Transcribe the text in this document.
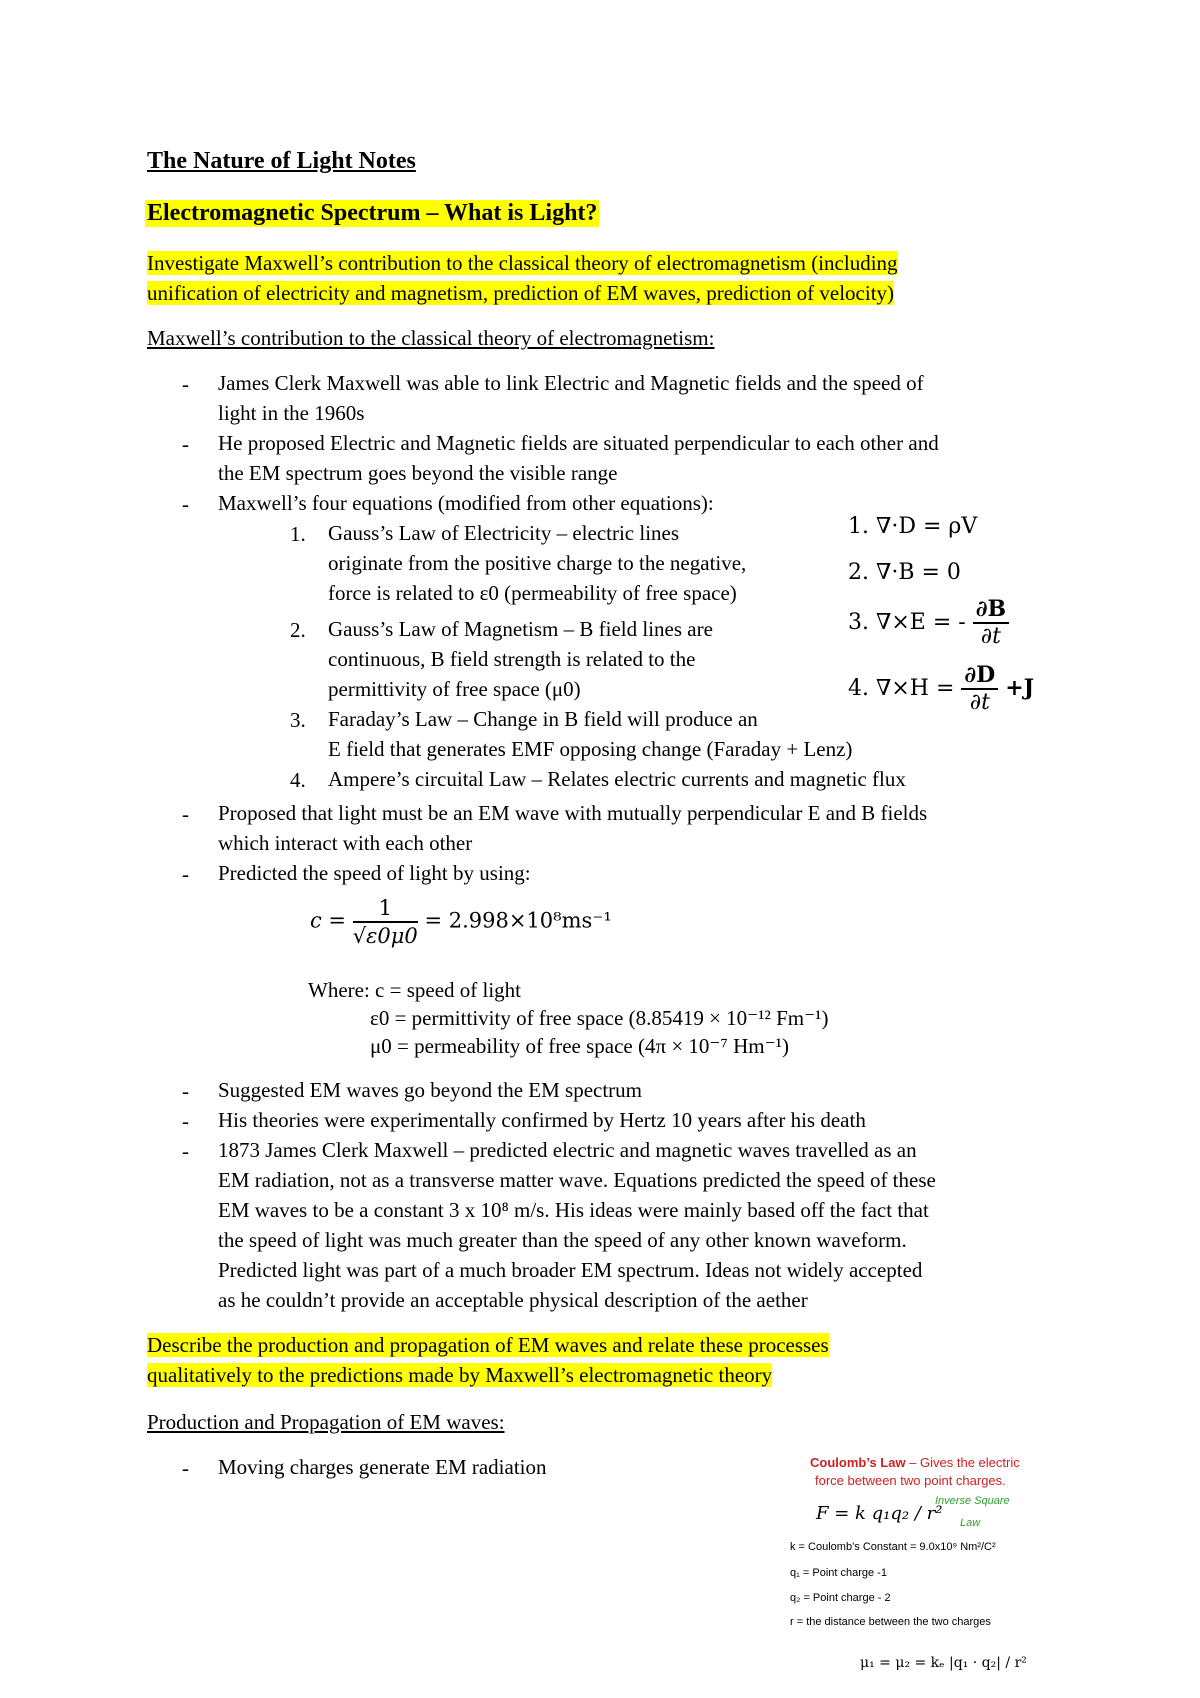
The Nature of Light Notes
Electromagnetic Spectrum – What is Light?
Investigate Maxwell’s contribution to the classical theory of electromagnetism (including
unification of electricity and magnetism, prediction of EM waves, prediction of velocity)
Maxwell’s contribution to the classical theory of electromagnetism:
- James Clerk Maxwell was able to link Electric and Magnetic fields and the speed of
light in the 1960s
- He proposed Electric and Magnetic fields are situated perpendicular to each other and
the EM spectrum goes beyond the visible range
- Maxwell’s four equations (modified from other equations):
1. Gauss’s Law of Electricity – electric lines
originate from the positive charge to the negative,
force is related to ε0 (permeability of free space)
2. Gauss’s Law of Magnetism – B field lines are
continuous, B field strength is related to the
permittivity of free space (μ0)
3. Faraday’s Law – Change in B field will produce an
E field that generates EMF opposing change (Faraday + Lenz)
4. Ampere’s circuital Law – Relates electric currents and magnetic flux
- Proposed that light must be an EM wave with mutually perpendicular E and B fields
which interact with each other
- Predicted the speed of light by using:
1. ∇·D = ρV
2. ∇·B = 0
3. ∇×E = - $\frac{\partial B}{\partial t}$
4. $\nabla\times H = \frac{\partial D}{\partial t} +J$
$c = \frac{1}{√\varepsilon 0\mu 0} = 2.998\times 10^8ms^{-1}$
Where: c = speed of light
ε0 = permittivity of free space (8.85419 × 10⁻¹² Fm⁻¹)
μ0 = permeability of free space (4π × 10⁻⁷ Hm⁻¹)
- Suggested EM waves go beyond the EM spectrum
- His theories were experimentally confirmed by Hertz 10 years after his death
- 1873 James Clerk Maxwell – predicted electric and magnetic waves travelled as an
EM radiation, not as a transverse matter wave. Equations predicted the speed of these
EM waves to be a constant 3 x 10⁸ m/s. His ideas were mainly based off the fact that
the speed of light was much greater than the speed of any other known waveform.
Predicted light was part of a much broader EM spectrum. Ideas not widely accepted
as he couldn’t provide an acceptable physical description of the aether
Describe the production and propagation of EM waves and relate these processes
qualitatively to the predictions made by Maxwell’s electromagnetic theory
Production and Propagation of EM waves:
- Moving charges generate EM radiation	Coulomb’s Law – Gives the electric
force between two point charges.
F = k q₁q₂ / r²
Inverse Square
Law
k = Coulomb’s Constant = 9.0x10⁹ Nm²/C²
q₁ = Point charge -1
q₂ = Point charge - 2
r = the distance between the two charges
μ₁ = μ₂ = kₑ |q₁ · q₂| / r²
